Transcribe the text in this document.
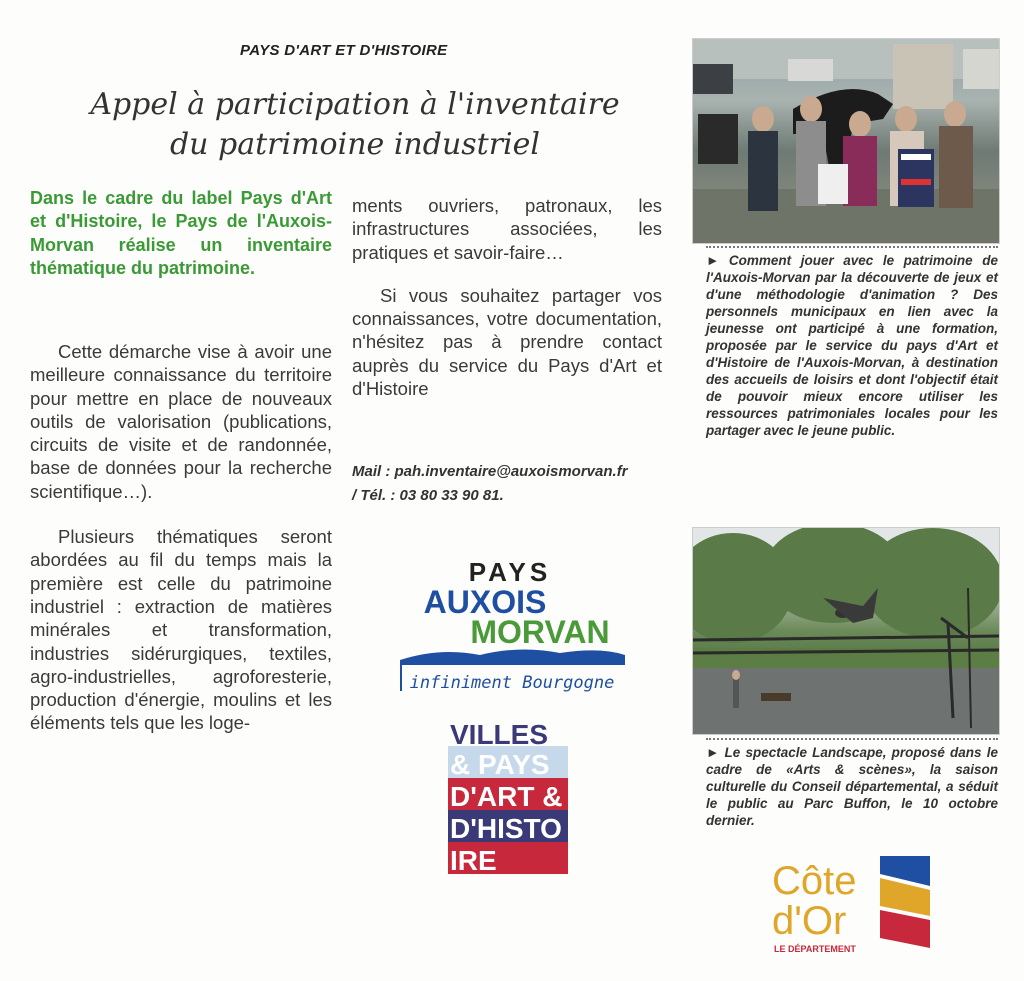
PAYS D'ART ET D'HISTOIRE
Appel à participation à l'inventaire
du patrimoine industriel
Dans le cadre du label Pays d'Art et d'Histoire, le Pays de l'Auxois-Morvan réalise un inventaire thématique du patrimoine.

Cette démarche vise à avoir une meilleure connaissance du territoire pour mettre en place de nouveaux outils de valorisation (publications, circuits de visite et de randonnée, base de données pour la recherche scientifique…).

Plusieurs thématiques seront abordées au fil du temps mais la première est celle du patrimoine industriel : extraction de matières minérales et transformation, industries sidérurgiques, textiles, agro-industrielles, agroforesterie, production d'énergie, moulins et les éléments tels que les loge-

ments ouvriers, patronaux, les infrastructures associées, les pratiques et savoir-faire…

Si vous souhaitez partager vos connaissances, votre documentation, n'hésitez pas à prendre contact auprès du service du Pays d'Art et d'Histoire

Mail : pah.inventaire@auxoismorvan.fr
/ Tél. : 03 80 33 90 81.
► Comment jouer avec le patrimoine de l'Auxois-Morvan par la découverte de jeux et d'une méthodologie d'animation ? Des personnels municipaux en lien avec la jeunesse ont participé à une formation, proposée par le service du pays d'Art et d'Histoire de l'Auxois-Morvan, à destination des accueils de loisirs et dont l'objectif était de pouvoir mieux encore utiliser les ressources patrimoniales locales pour les partager avec le jeune public.
► Le spectacle Landscape, proposé dans le cadre de «Arts & scènes», la saison culturelle du Conseil départemental, a séduit le public au Parc Buffon, le 10 octobre dernier.
PAYS
AUXOIS
MORVAN
infiniment Bourgogne
VILLES
& PAYS
D'ART &
D'HISTO
IRE	Côte
d'Or
LE DÉPARTEMENT
